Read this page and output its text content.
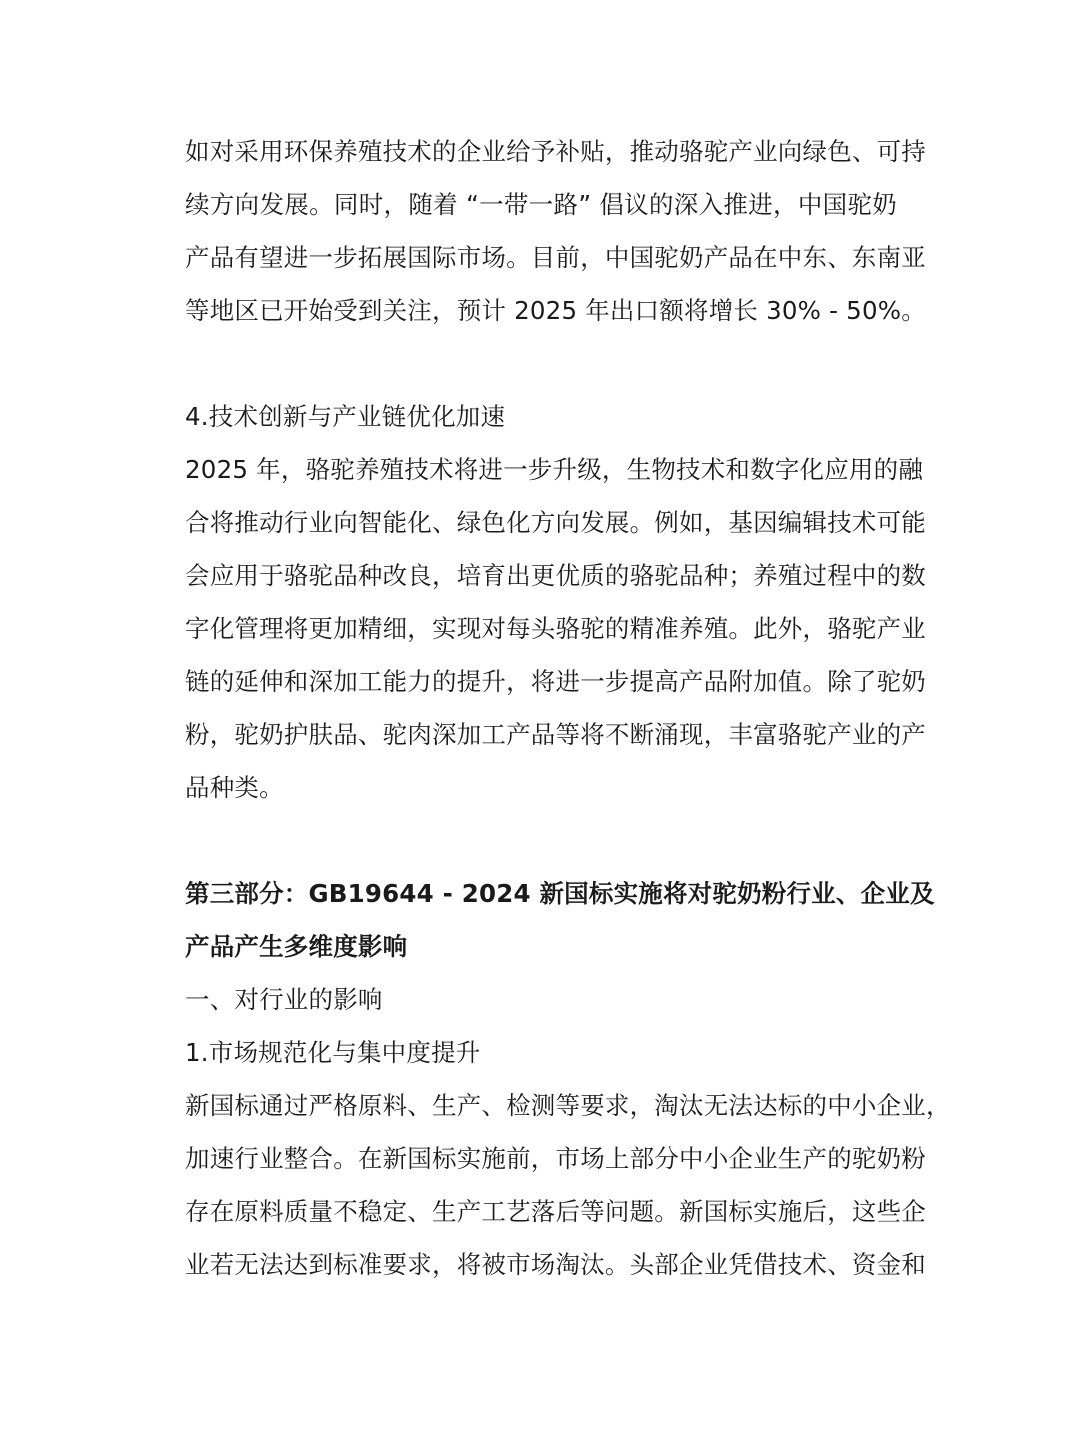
如对采用环保养殖技术的企业给予补贴，推动骆驼产业向绿色、可持
续方向发展。同时，随着 “一带一路” 倡议的深入推进，中国驼奶
产品有望进一步拓展国际市场。目前，中国驼奶产品在中东、东南亚
等地区已开始受到关注，预计 2025 年出口额将增长 30% - 50%。
4.技术创新与产业链优化加速
2025 年，骆驼养殖技术将进一步升级，生物技术和数字化应用的融
合将推动行业向智能化、绿色化方向发展。例如，基因编辑技术可能
会应用于骆驼品种改良，培育出更优质的骆驼品种；养殖过程中的数
字化管理将更加精细，实现对每头骆驼的精准养殖。此外，骆驼产业
链的延伸和深加工能力的提升，将进一步提高产品附加值。除了驼奶
粉，驼奶护肤品、驼肉深加工产品等将不断涌现，丰富骆驼产业的产
品种类。
第三部分：GB19644 - 2024 新国标实施将对驼奶粉行业、企业及
产品产生多维度影响
一、对行业的影响
1.市场规范化与集中度提升
新国标通过严格原料、生产、检测等要求，淘汰无法达标的中小企业，
加速行业整合。在新国标实施前，市场上部分中小企业生产的驼奶粉
存在原料质量不稳定、生产工艺落后等问题。新国标实施后，这些企
业若无法达到标准要求，将被市场淘汰。头部企业凭借技术、资金和
